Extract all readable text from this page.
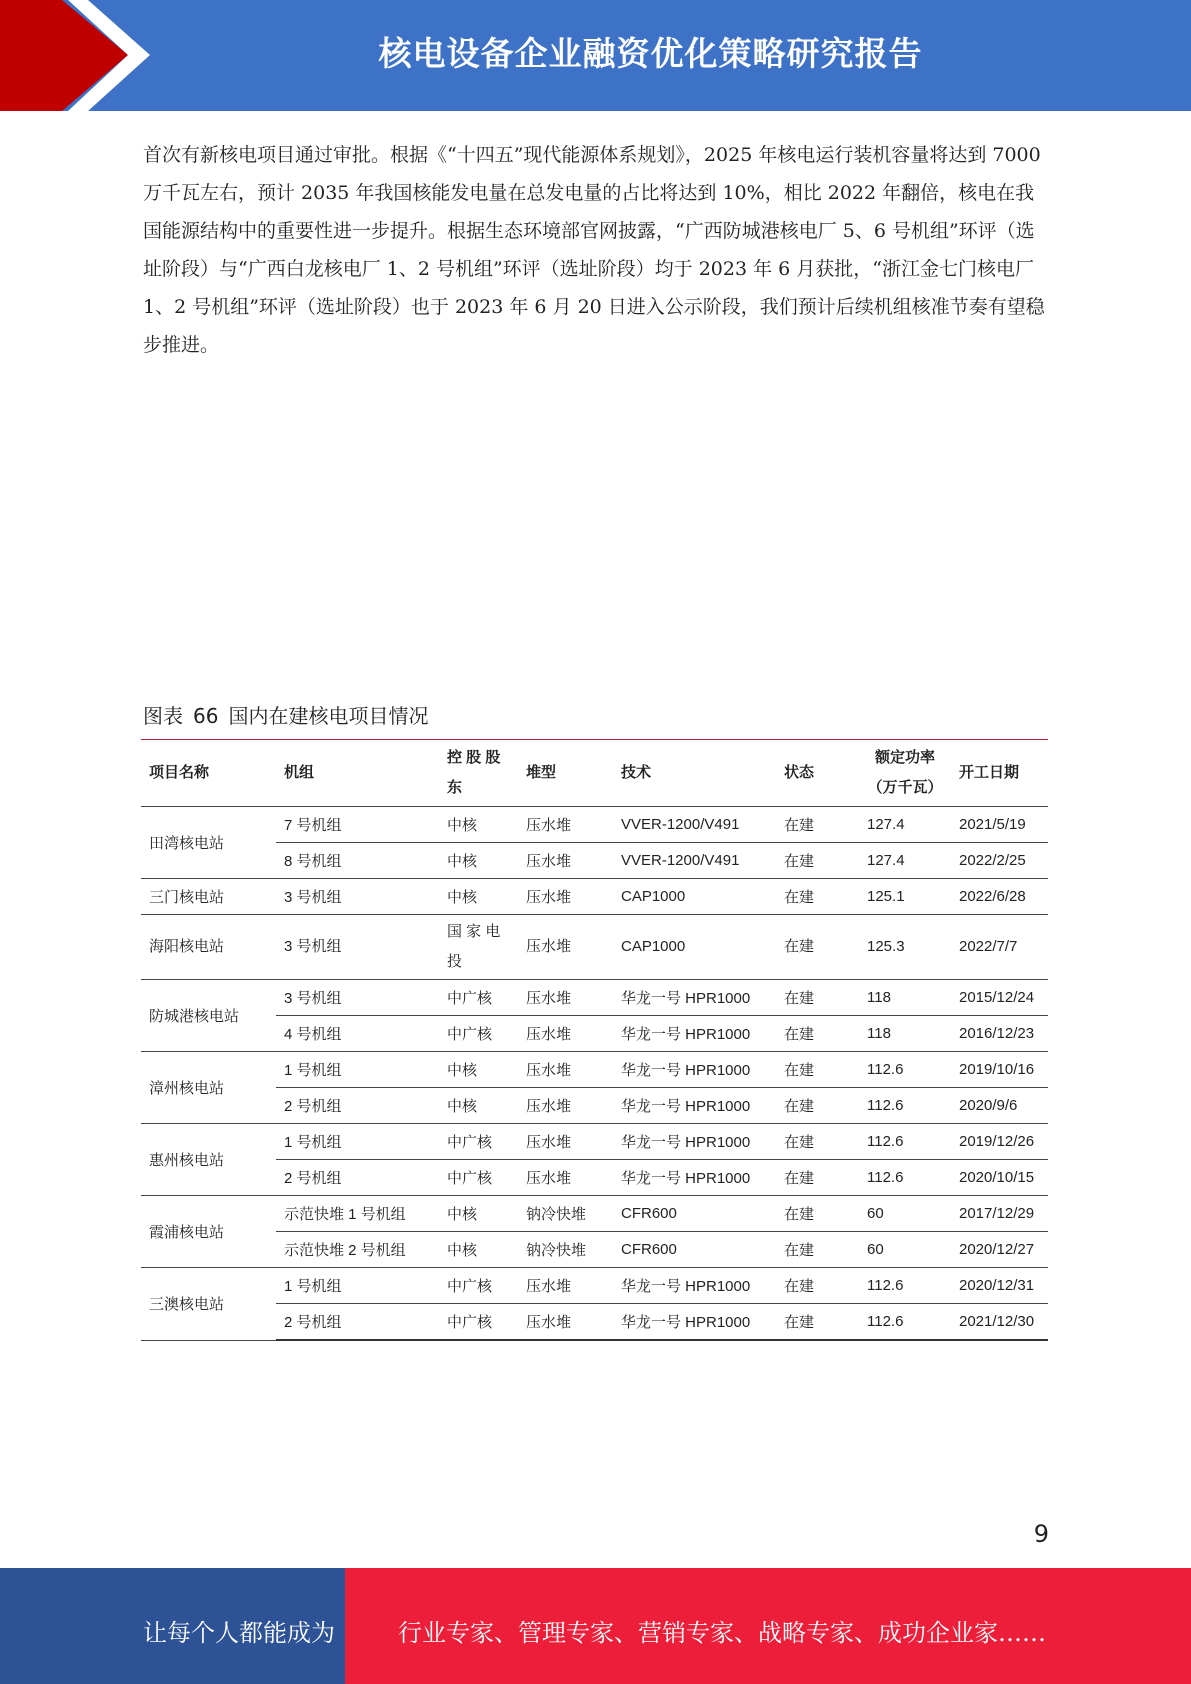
核电设备企业融资优化策略研究报告
首次有新核电项目通过审批。根据《“十四五”现代能源体系规划》，2025 年核电运行装机容量将达到 7000 万千瓦左右，预计 2035 年我国核能发电量在总发电量的占比将达到 10%，相比 2022 年翻倍，核电在我国能源结构中的重要性进一步提升。根据生态环境部官网披露，“广西防城港核电厂 5、6 号机组”环评（选址阶段）与“广西白龙核电厂 1、2 号机组”环评（选址阶段）均于 2023 年 6 月获批，“浙江金七门核电厂 1、2 号机组”环评（选址阶段）也于 2023 年 6 月 20 日进入公示阶段，我们预计后续机组核准节奏有望稳步推进。
图表 66 国内在建核电项目情况
项目名称	机组	控 股 股 东	堆型	技术	状态	额定功率（万千瓦）	开工日期
田湾核电站	7 号机组	中核	压水堆	VVER-1200/V491	在建	127.4	2021/5/19
	8 号机组	中核	压水堆	VVER-1200/V491	在建	127.4	2022/2/25
三门核电站	3 号机组	中核	压水堆	CAP1000	在建	125.1	2022/6/28
海阳核电站	3 号机组	国 家 电 投	压水堆	CAP1000	在建	125.3	2022/7/7
防城港核电站	3 号机组	中广核	压水堆	华龙一号 HPR1000	在建	118	2015/12/24
	4 号机组	中广核	压水堆	华龙一号 HPR1000	在建	118	2016/12/23
漳州核电站	1 号机组	中核	压水堆	华龙一号 HPR1000	在建	112.6	2019/10/16
	2 号机组	中核	压水堆	华龙一号 HPR1000	在建	112.6	2020/9/6
惠州核电站	1 号机组	中广核	压水堆	华龙一号 HPR1000	在建	112.6	2019/12/26
	2 号机组	中广核	压水堆	华龙一号 HPR1000	在建	112.6	2020/10/15
霞浦核电站	示范快堆 1 号机组	中核	钠冷快堆	CFR600	在建	60	2017/12/29
	示范快堆 2 号机组	中核	钠冷快堆	CFR600	在建	60	2020/12/27
三澳核电站	1 号机组	中广核	压水堆	华龙一号 HPR1000	在建	112.6	2020/12/31
	2 号机组	中广核	压水堆	华龙一号 HPR1000	在建	112.6	2021/12/30
9
让每个人都能成为	行业专家、管理专家、营销专家、战略专家、成功企业家……
